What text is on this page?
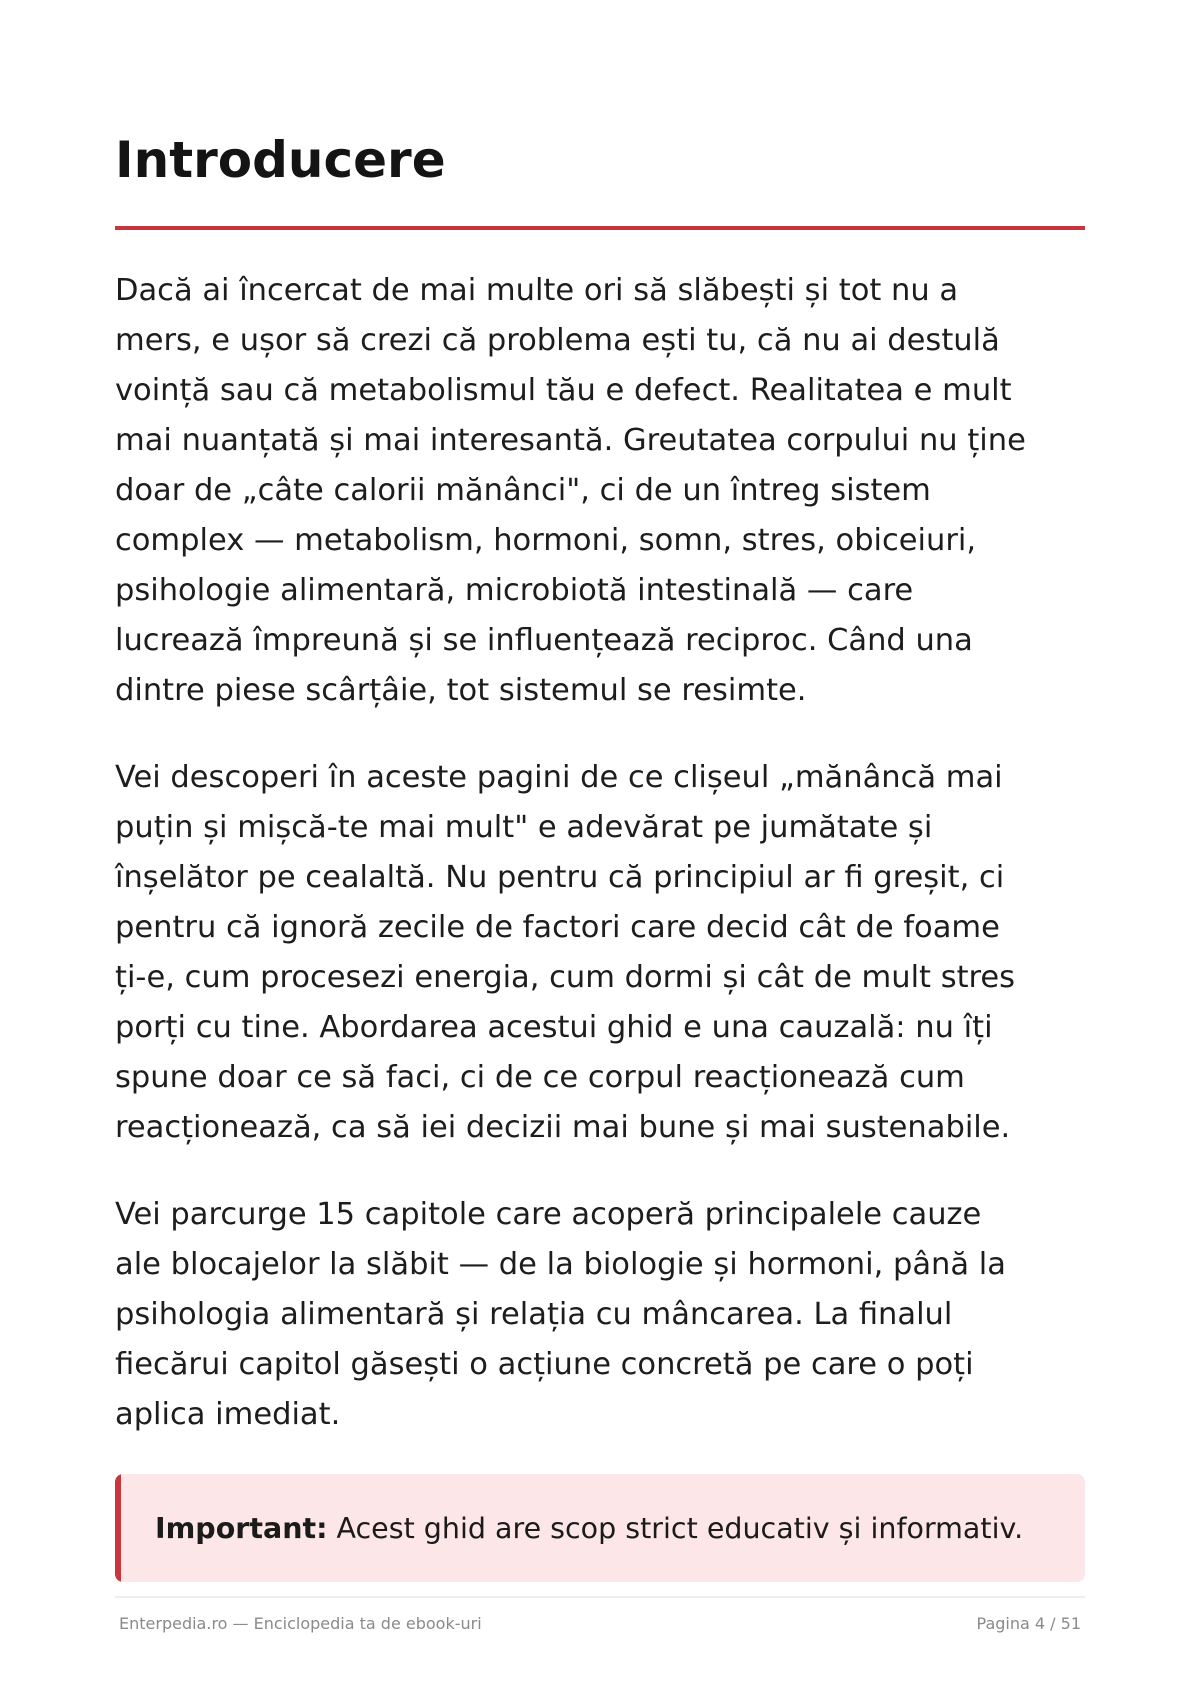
Introducere

Dacă ai încercat de mai multe ori să slăbești și tot nu a
mers, e ușor să crezi că problema ești tu, că nu ai destulă
voință sau că metabolismul tău e defect. Realitatea e mult
mai nuanțată și mai interesantă. Greutatea corpului nu ține
doar de „câte calorii mănânci", ci de un întreg sistem
complex — metabolism, hormoni, somn, stres, obiceiuri,
psihologie alimentară, microbiotă intestinală — care
lucrează împreună și se influențează reciproc. Când una
dintre piese scârțâie, tot sistemul se resimte.

Vei descoperi în aceste pagini de ce clișeul „mănâncă mai
puțin și mișcă-te mai mult" e adevărat pe jumătate și
înșelător pe cealaltă. Nu pentru că principiul ar fi greșit, ci
pentru că ignoră zecile de factori care decid cât de foame
ți-e, cum procesezi energia, cum dormi și cât de mult stres
porți cu tine. Abordarea acestui ghid e una cauzală: nu îți
spune doar ce să faci, ci de ce corpul reacționează cum
reacționează, ca să iei decizii mai bune și mai sustenabile.

Vei parcurge 15 capitole care acoperă principalele cauze
ale blocajelor la slăbit — de la biologie și hormoni, până la
psihologia alimentară și relația cu mâncarea. La finalul
fiecărui capitol găsești o acțiune concretă pe care o poți
aplica imediat.

Important: Acest ghid are scop strict educativ și informativ.
Enterpedia.ro — Enciclopedia ta de ebook-uri	Pagina 4 / 51
